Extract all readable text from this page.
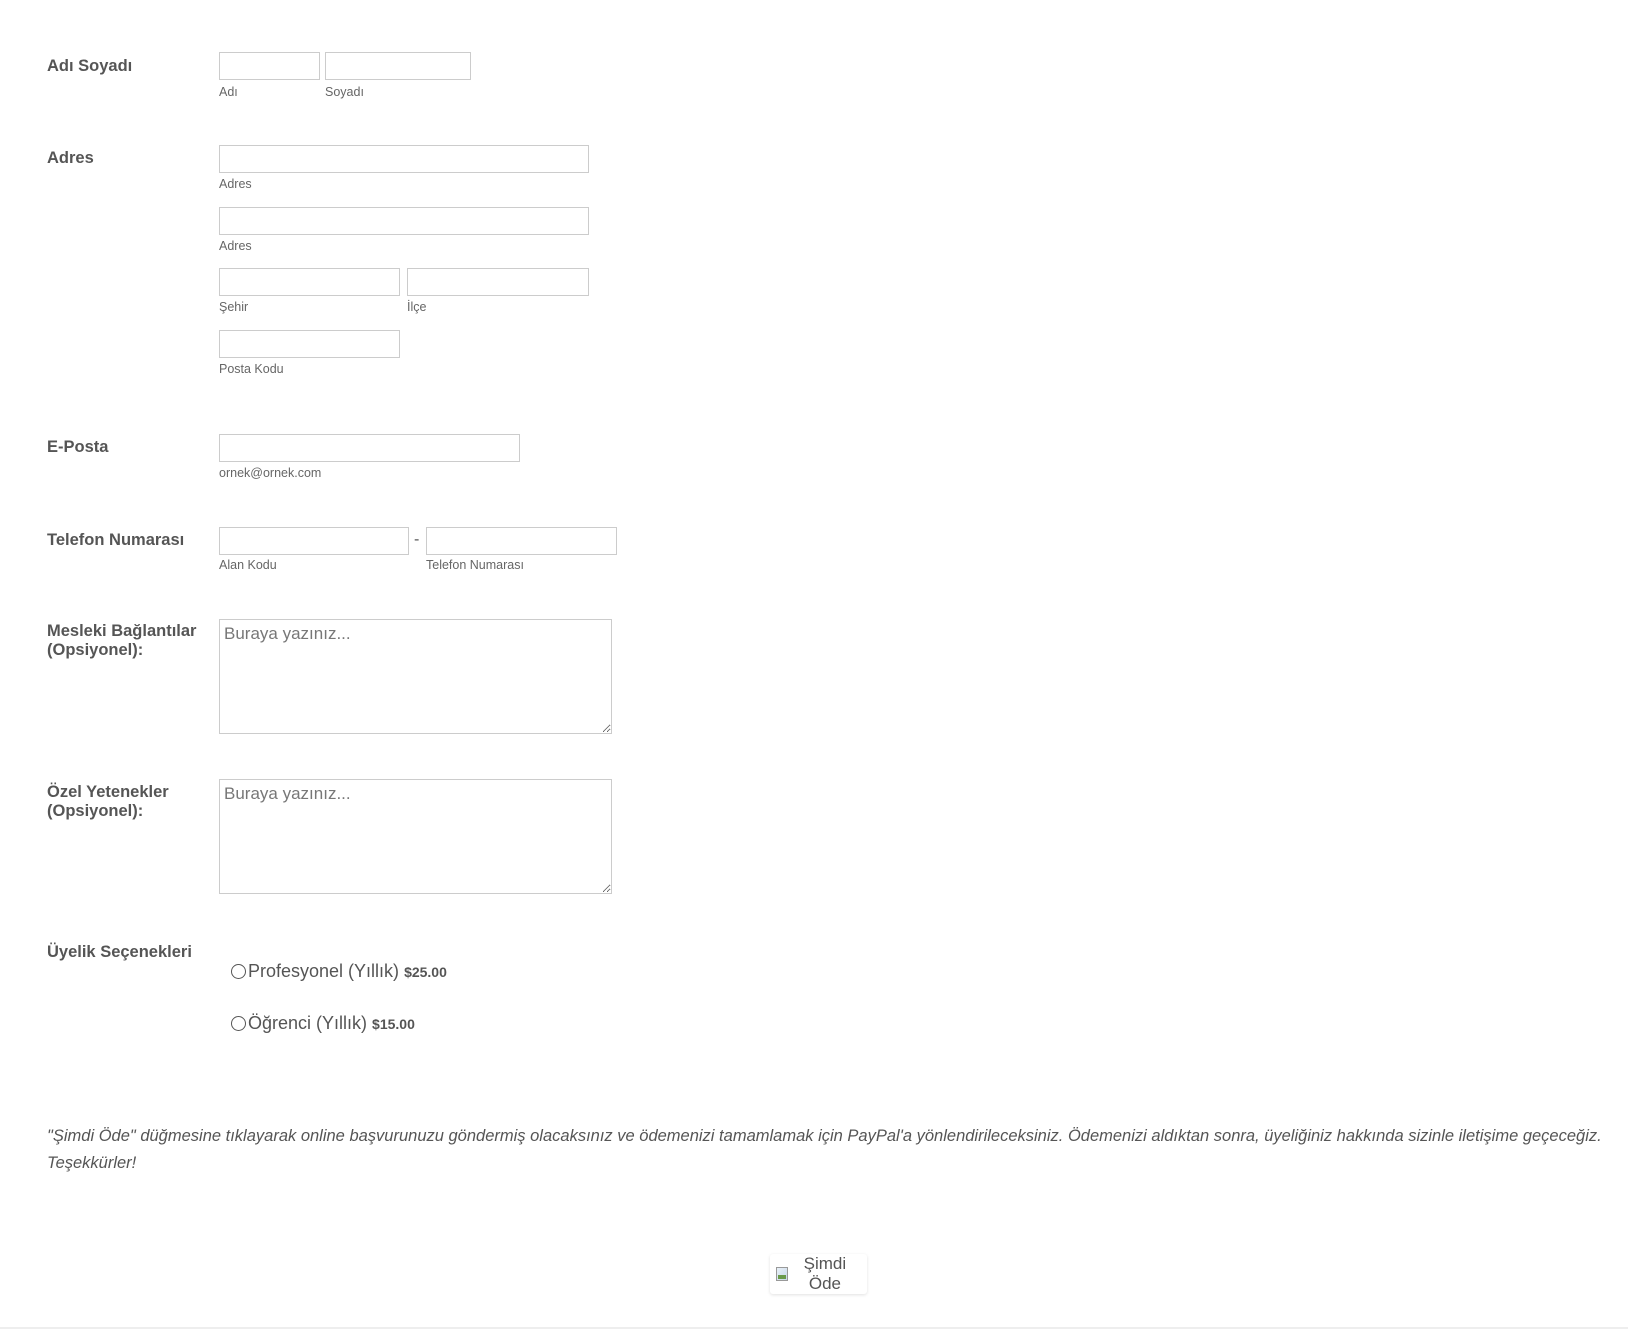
Adı Soyadı
Adı	Soyadı
Adres
Adres
Adres
Şehir	İlçe
Posta Kodu
E-Posta
ornek@ornek.com
Telefon Numarası	-
Alan Kodu	Telefon Numarası
Mesleki Bağlantılar
(Opsiyonel):
Buraya yazınız...
Özel Yetenekler
(Opsiyonel):
Buraya yazınız...
Üyelik Seçenekleri
Profesyonel (Yıllık) $25.00
Öğrenci (Yıllık) $15.00
"Şimdi Öde" düğmesine tıklayarak online başvurunuzu göndermiş olacaksınız ve ödemenizi tamamlamak için PayPal'a yönlendirileceksiniz. Ödemenizi aldıktan sonra, üyeliğiniz hakkında sizinle iletişime geçeceğiz. Teşekkürler!
Şimdi Öde
